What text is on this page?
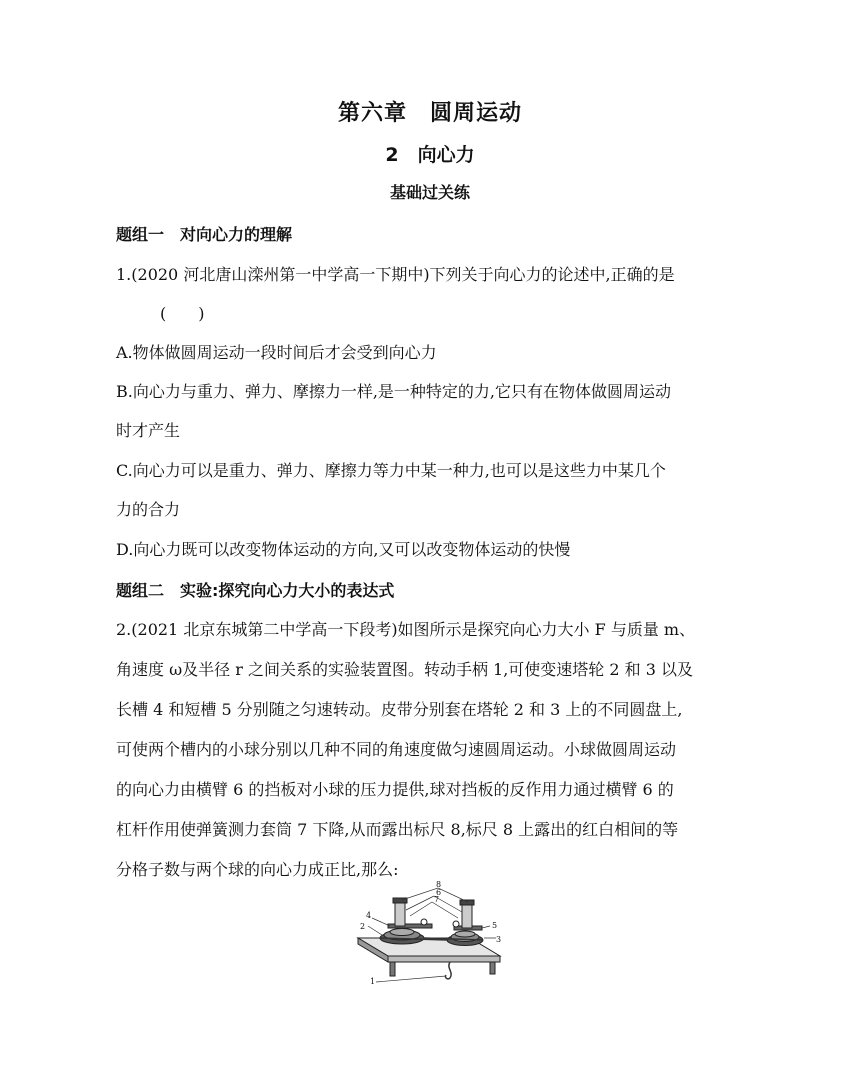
第六章　圆周运动
2　向心力
基础过关练
题组一　对向心力的理解
1.(2020 河北唐山滦州第一中学高一下期中)下列关于向心力的论述中,正确的是
(　　)
A.物体做圆周运动一段时间后才会受到向心力
B.向心力与重力、弹力、摩擦力一样,是一种特定的力,它只有在物体做圆周运动
时才产生
C.向心力可以是重力、弹力、摩擦力等力中某一种力,也可以是这些力中某几个
力的合力
D.向心力既可以改变物体运动的方向,又可以改变物体运动的快慢
题组二　实验:探究向心力大小的表达式
2.(2021 北京东城第二中学高一下段考)如图所示是探究向心力大小 F 与质量 m、
角速度 ω及半径 r 之间关系的实验装置图。转动手柄 1,可使变速塔轮 2 和 3 以及
长槽 4 和短槽 5 分别随之匀速转动。皮带分别套在塔轮 2 和 3 上的不同圆盘上,
可使两个槽内的小球分别以几种不同的角速度做匀速圆周运动。小球做圆周运动
的向心力由横臂 6 的挡板对小球的压力提供,球对挡板的反作用力通过横臂 6 的
杠杆作用使弹簧测力套筒 7 下降,从而露出标尺 8,标尺 8 上露出的红白相间的等
分格子数与两个球的向心力成正比,那么:
8
6
7
4
2	5
3
1
